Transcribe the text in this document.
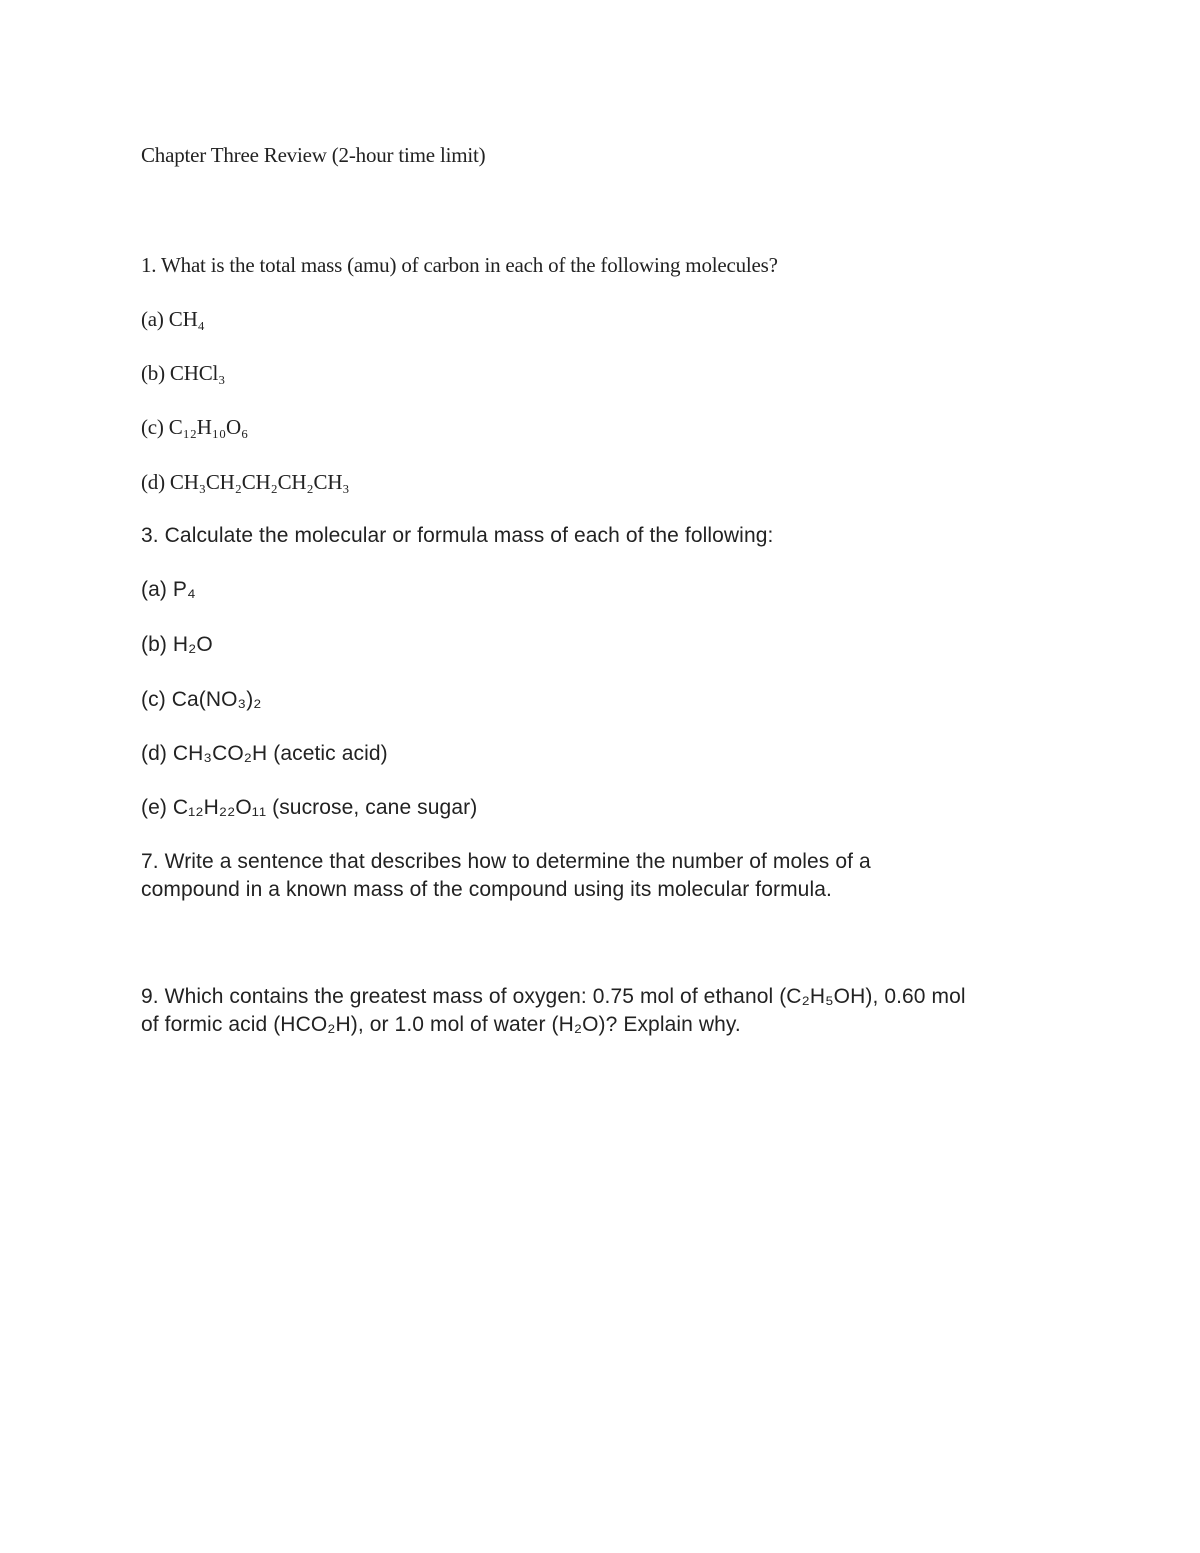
Chapter Three Review (2-hour time limit)

1. What is the total mass (amu) of carbon in each of the following molecules?

(a) CH₄

(b) CHCl₃

(c) C₁₂H₁₀O₆

(d) CH₃CH₂CH₂CH₂CH₃

3. Calculate the molecular or formula mass of each of the following:

(a) P₄

(b) H₂O

(c) Ca(NO₃)₂

(d) CH₃CO₂H (acetic acid)

(e) C₁₂H₂₂O₁₁ (sucrose, cane sugar)

7. Write a sentence that describes how to determine the number of moles of a

compound in a known mass of the compound using its molecular formula.

9. Which contains the greatest mass of oxygen: 0.75 mol of ethanol (C₂H₅OH), 0.60 mol

of formic acid (HCO₂H), or 1.0 mol of water (H₂O)? Explain why.
